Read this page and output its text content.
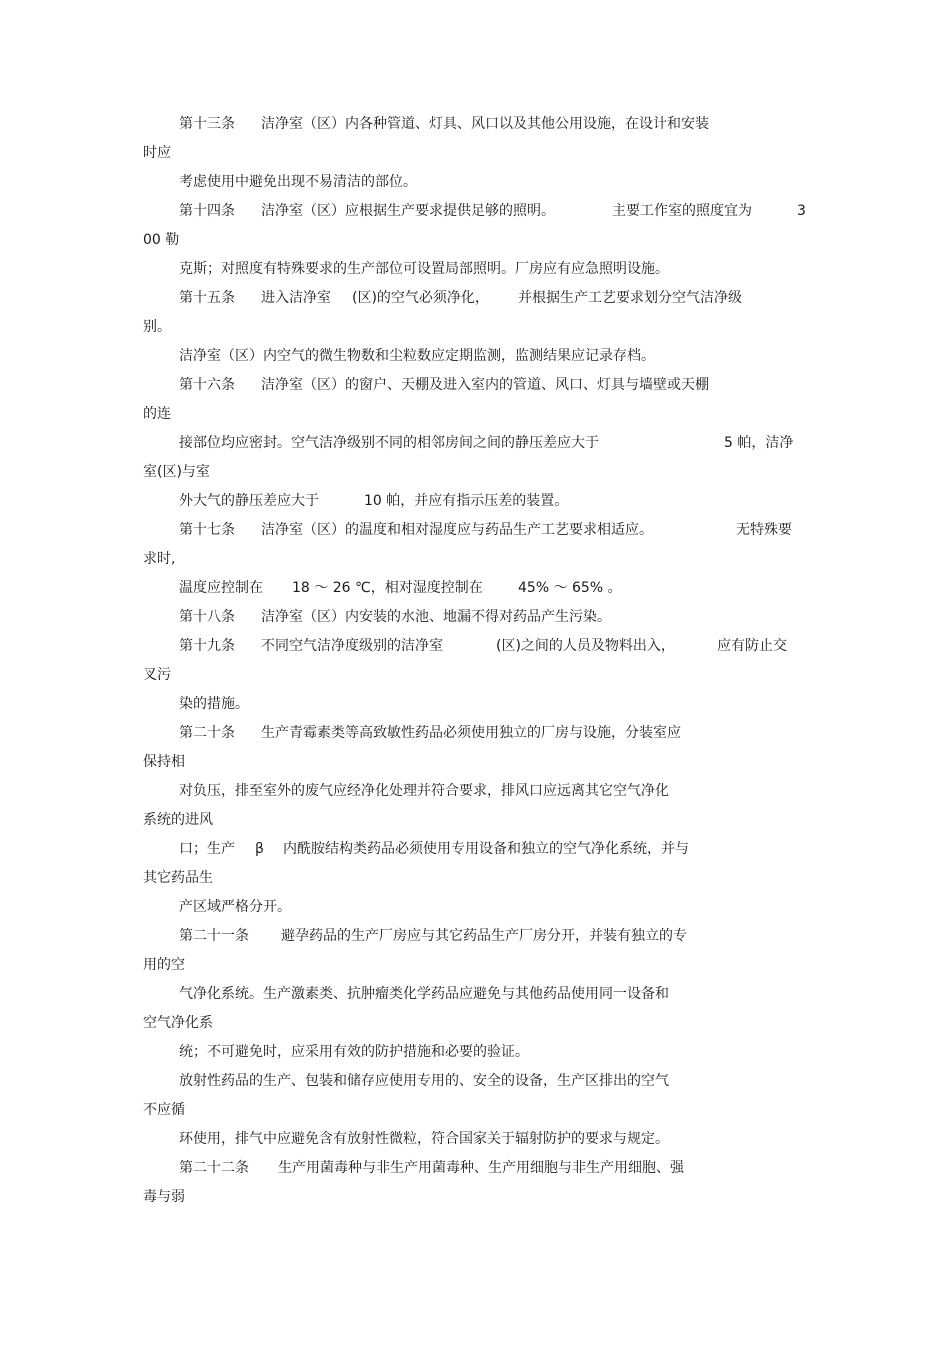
第十三条 洁净室（区）内各种管道、灯具、风口以及其他公用设施，在设计和安装
时应
考虑使用中避免出现不易清洁的部位。
第十四条 洁净室（区）应根据生产要求提供足够的照明。	主要工作室的照度宜为	3
00 勒
克斯；对照度有特殊要求的生产部位可设置局部照明。厂房应有应急照明设施。
第十五条 进入洁净室 (区)的空气必须净化， 并根据生产工艺要求划分空气洁净级
别。
洁净室（区）内空气的微生物数和尘粒数应定期监测，监测结果应记录存档。
第十六条 洁净室（区）的窗户、天棚及进入室内的管道、风口、灯具与墙壁或天棚
的连
接部位均应密封。空气洁净级别不同的相邻房间之间的静压差应大于	5 帕，洁净
室(区)与室
外大气的静压差应大于	10 帕，并应有指示压差的装置。
第十七条 洁净室（区）的温度和相对湿度应与药品生产工艺要求相适应。	无特殊要
求时,
温度应控制在 18 ～ 26 ℃，相对湿度控制在	45% ～ 65% 。
第十八条 洁净室（区）内安装的水池、地漏不得对药品产生污染。
第十九条 不同空气洁净度级别的洁净室	(区)之间的人员及物料出入，	应有防止交
叉污
染的措施。
第二十条 生产青霉素类等高致敏性药品必须使用独立的厂房与设施，分装室应
保持相
对负压，排至室外的废气应经净化处理并符合要求，排风口应远离其它空气净化
系统的进风
口；生产 β 内酰胺结构类药品必须使用专用设备和独立的空气净化系统，并与
其它药品生
产区域严格分开。
第二十一条 避孕药品的生产厂房应与其它药品生产厂房分开，并装有独立的专
用的空
气净化系统。生产激素类、抗肿瘤类化学药品应避免与其他药品使用同一设备和
空气净化系
统；不可避免时，应采用有效的防护措施和必要的验证。
放射性药品的生产、包装和储存应使用专用的、安全的设备，生产区排出的空气
不应循
环使用，排气中应避免含有放射性微粒，符合国家关于辐射防护的要求与规定。
第二十二条 生产用菌毒种与非生产用菌毒种、生产用细胞与非生产用细胞、强
毒与弱
